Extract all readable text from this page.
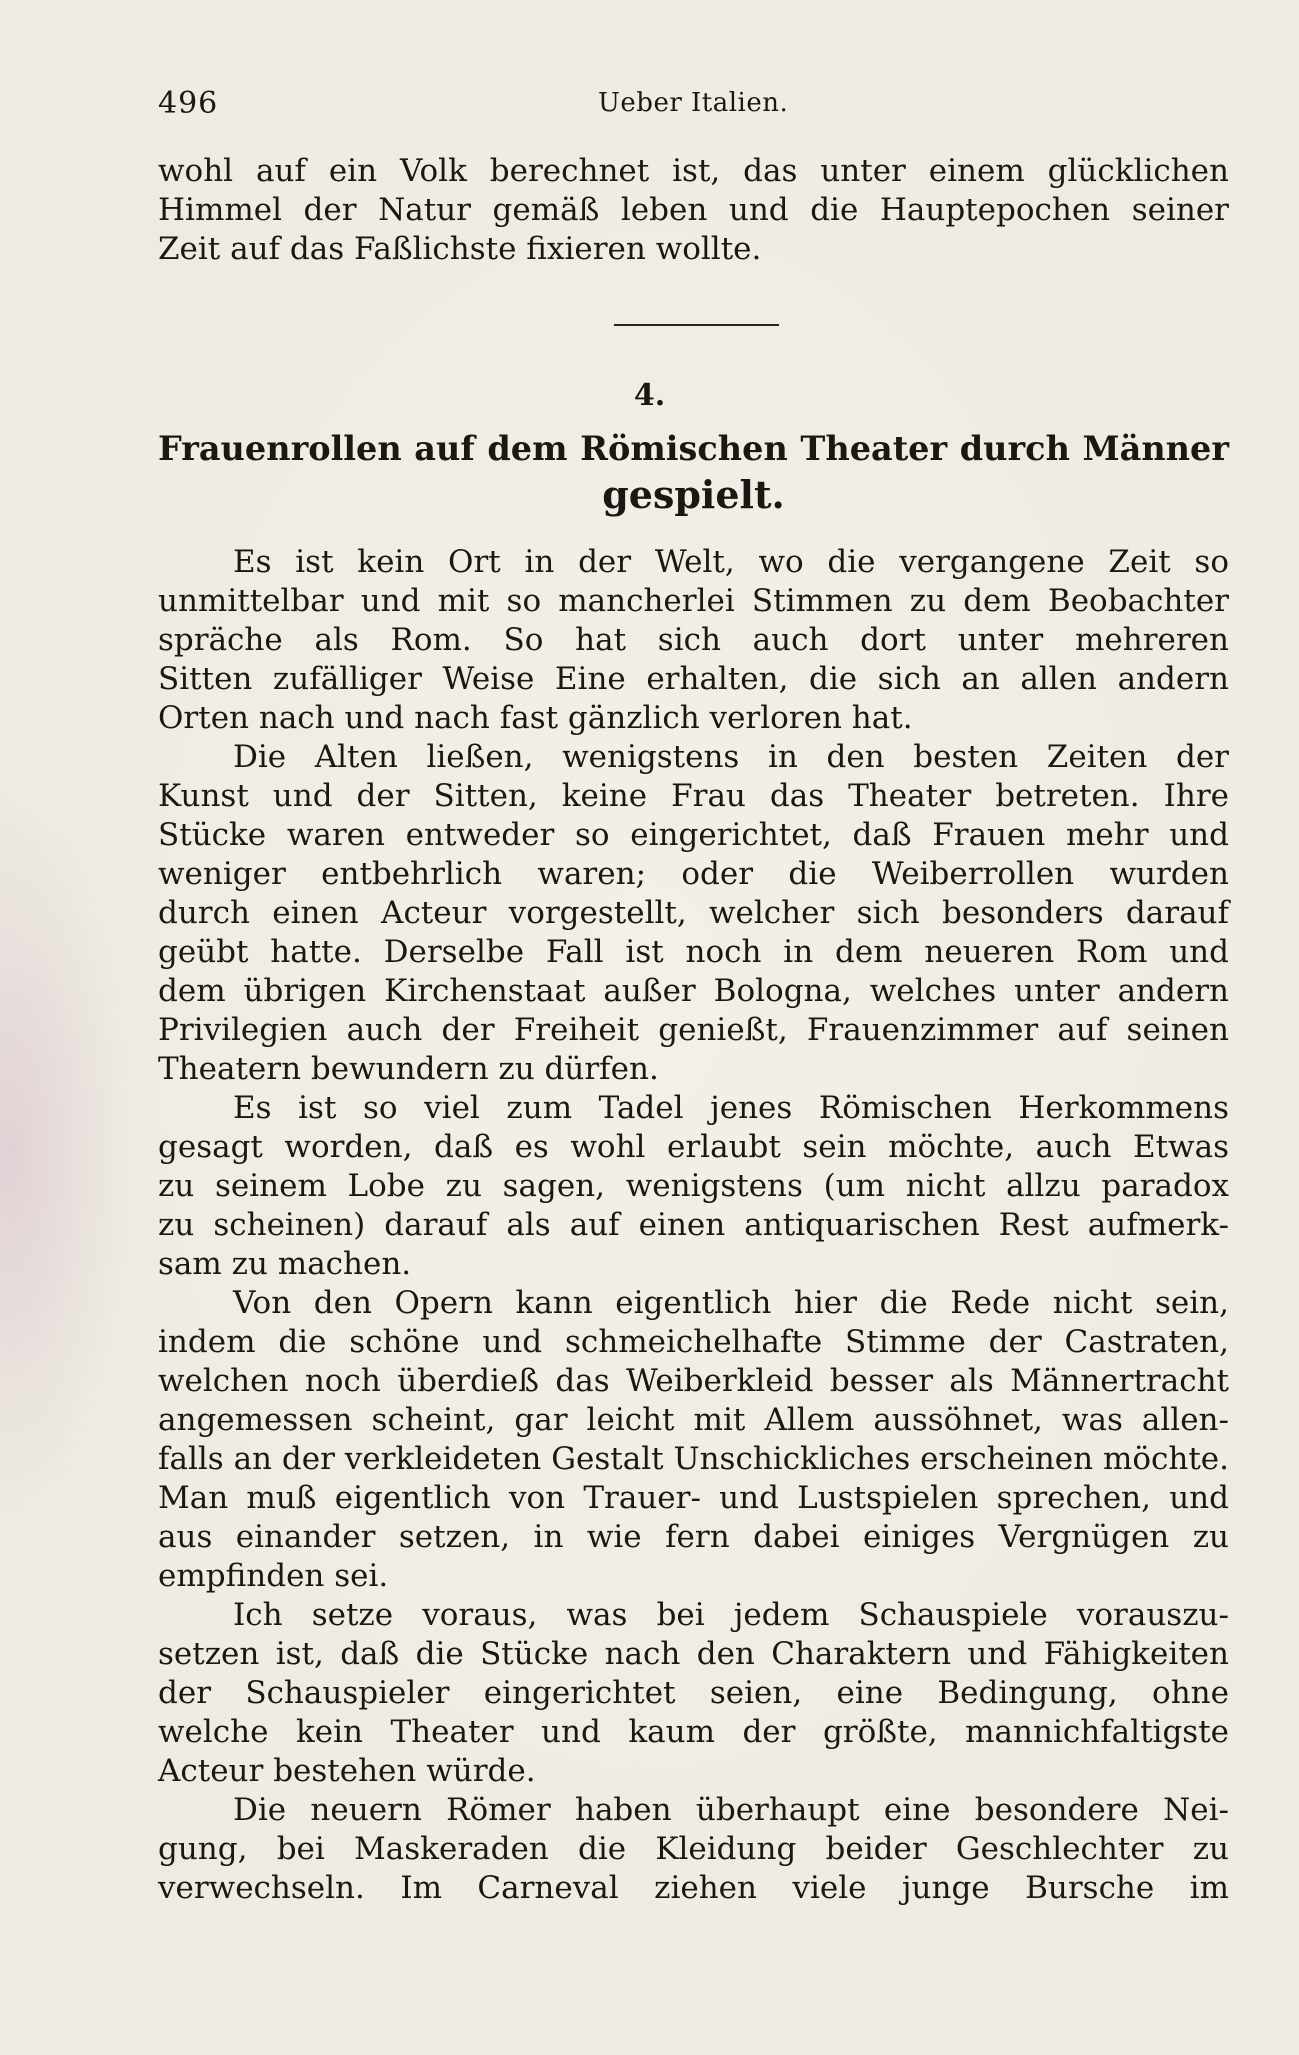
496	Ueber Italien.
wohl auf ein Volk berechnet ist, das unter einem glücklichen
Himmel der Natur gemäß leben und die Hauptepochen seiner
Zeit auf das Faßlichste fixieren wollte.
4.
Frauenrollen auf dem Römischen Theater durch Männer
gespielt.
Es ist kein Ort in der Welt, wo die vergangene Zeit so
unmittelbar und mit so mancherlei Stimmen zu dem Beobachter
spräche als Rom. So hat sich auch dort unter mehreren
Sitten zufälliger Weise Eine erhalten, die sich an allen andern
Orten nach und nach fast gänzlich verloren hat.
Die Alten ließen, wenigstens in den besten Zeiten der
Kunst und der Sitten, keine Frau das Theater betreten. Ihre
Stücke waren entweder so eingerichtet, daß Frauen mehr und
weniger entbehrlich waren; oder die Weiberrollen wurden
durch einen Acteur vorgestellt, welcher sich besonders darauf
geübt hatte. Derselbe Fall ist noch in dem neueren Rom und
dem übrigen Kirchenstaat außer Bologna, welches unter andern
Privilegien auch der Freiheit genießt, Frauenzimmer auf seinen
Theatern bewundern zu dürfen.
Es ist so viel zum Tadel jenes Römischen Herkommens
gesagt worden, daß es wohl erlaubt sein möchte, auch Etwas
zu seinem Lobe zu sagen, wenigstens (um nicht allzu paradox
zu scheinen) darauf als auf einen antiquarischen Rest aufmerk-
sam zu machen.
Von den Opern kann eigentlich hier die Rede nicht sein,
indem die schöne und schmeichelhafte Stimme der Castraten,
welchen noch überdieß das Weiberkleid besser als Männertracht
angemessen scheint, gar leicht mit Allem aussöhnet, was allen-
falls an der verkleideten Gestalt Unschickliches erscheinen möchte.
Man muß eigentlich von Trauer- und Lustspielen sprechen, und
aus einander setzen, in wie fern dabei einiges Vergnügen zu
empfinden sei.
Ich setze voraus, was bei jedem Schauspiele vorauszu-
setzen ist, daß die Stücke nach den Charaktern und Fähigkeiten
der Schauspieler eingerichtet seien, eine Bedingung, ohne
welche kein Theater und kaum der größte, mannichfaltigste
Acteur bestehen würde.
Die neuern Römer haben überhaupt eine besondere Nei-
gung, bei Maskeraden die Kleidung beider Geschlechter zu
verwechseln. Im Carneval ziehen viele junge Bursche im
